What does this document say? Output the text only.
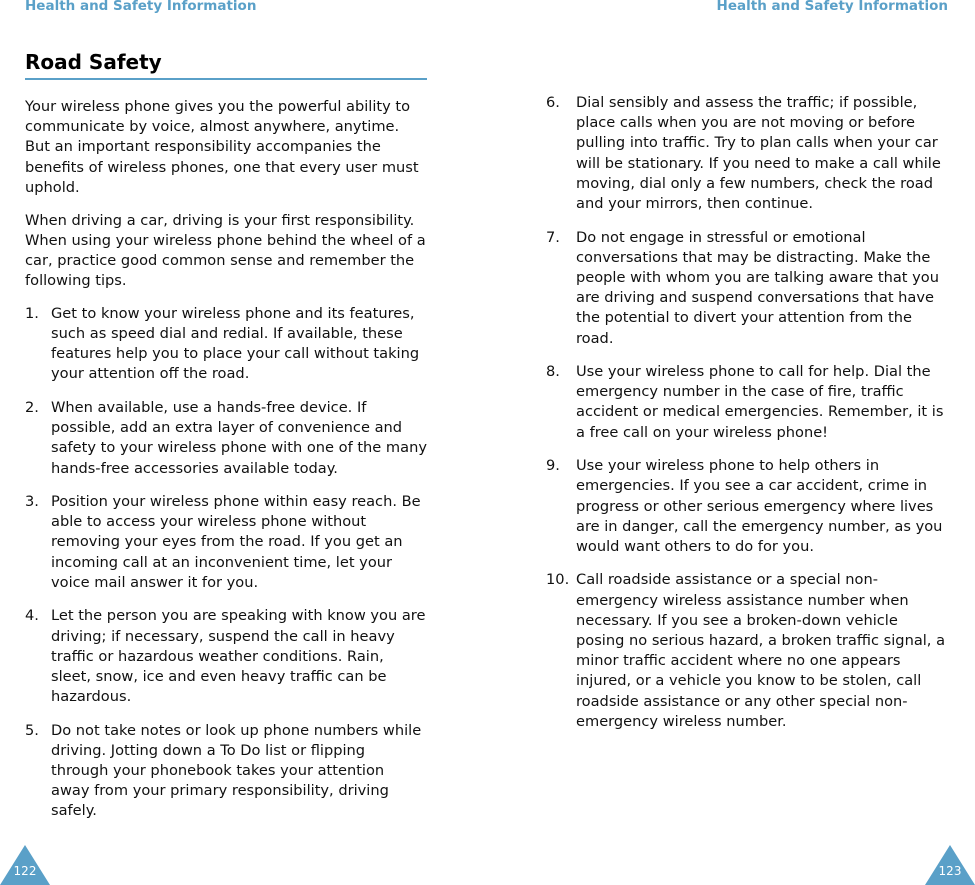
Health and Safety Information	Health and Safety Information
Road Safety

Your wireless phone gives you the powerful ability to communicate by voice, almost anywhere, anytime. But an important responsibility accompanies the benefits of wireless phones, one that every user must uphold.

When driving a car, driving is your first responsibility. When using your wireless phone behind the wheel of a car, practice good common sense and remember the following tips.

1. Get to know your wireless phone and its features, such as speed dial and redial. If available, these features help you to place your call without taking your attention off the road.
2. When available, use a hands-free device. If possible, add an extra layer of convenience and safety to your wireless phone with one of the many hands-free accessories available today.
3. Position your wireless phone within easy reach. Be able to access your wireless phone without removing your eyes from the road. If you get an incoming call at an inconvenient time, let your voice mail answer it for you.
4. Let the person you are speaking with know you are driving; if necessary, suspend the call in heavy traffic or hazardous weather conditions. Rain, sleet, snow, ice and even heavy traffic can be hazardous.
5. Do not take notes or look up phone numbers while driving. Jotting down a To Do list or flipping through your phonebook takes your attention away from your primary responsibility, driving safely.
6.	Dial sensibly and assess the traffic; if possible, place calls when you are not moving or before pulling into traffic. Try to plan calls when your car will be stationary. If you need to make a call while moving, dial only a few numbers, check the road and your mirrors, then continue.
7.	Do not engage in stressful or emotional conversations that may be distracting. Make the people with whom you are talking aware that you are driving and suspend conversations that have the potential to divert your attention from the road.
8.	Use your wireless phone to call for help. Dial the emergency number in the case of fire, traffic accident or medical emergencies. Remember, it is a free call on your wireless phone!
9.	Use your wireless phone to help others in emergencies. If you see a car accident, crime in progress or other serious emergency where lives are in danger, call the emergency number, as you would want others to do for you.
10. Call roadside assistance or a special non-emergency wireless assistance number when necessary. If you see a broken-down vehicle posing no serious hazard, a broken traffic signal, a minor traffic accident where no one appears injured, or a vehicle you know to be stolen, call roadside assistance or any other special non-emergency wireless number.
122	123
